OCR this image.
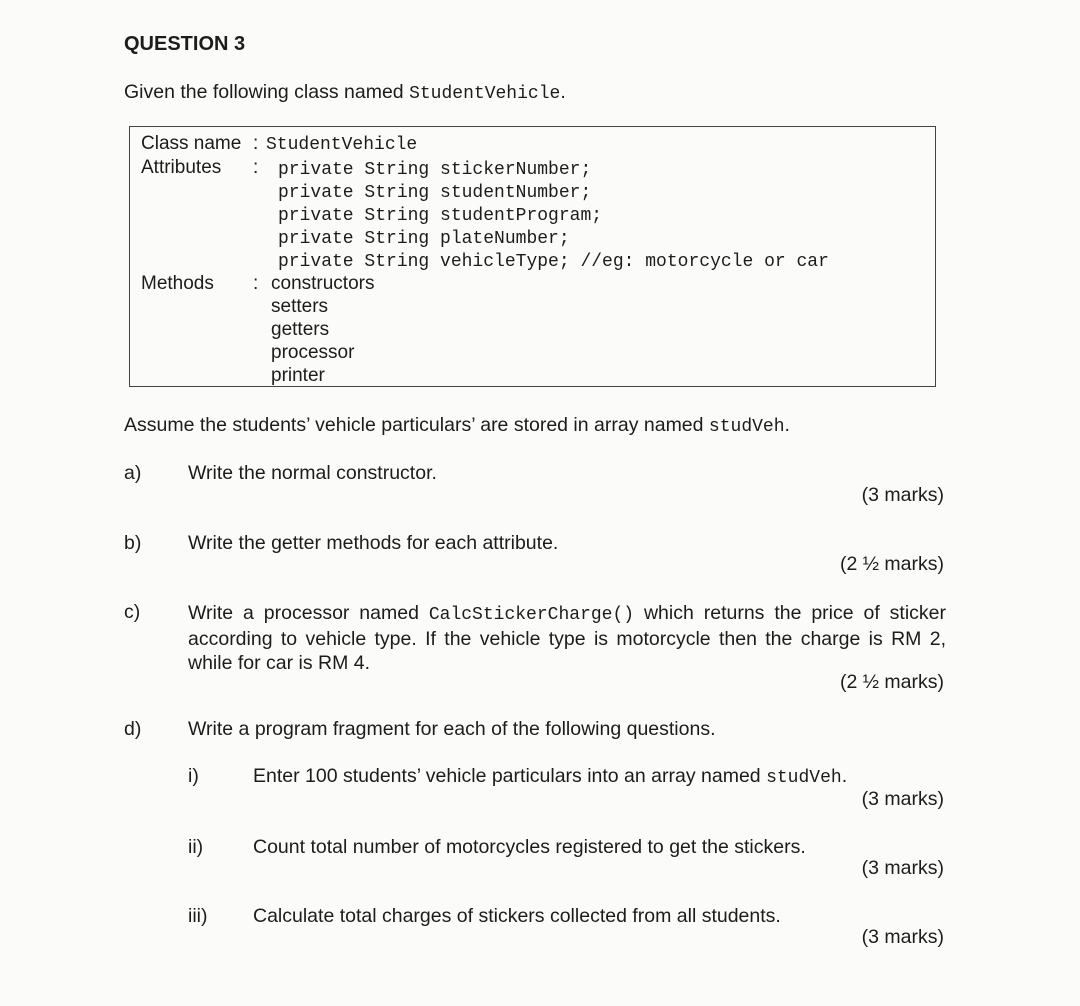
QUESTION 3
Given the following class named StudentVehicle.
Class name : StudentVehicle
Attributes : private String stickerNumber;
private String studentNumber;
private String studentProgram;
private String plateNumber;
private String vehicleType; //eg: motorcycle or car
Methods : constructors
setters
getters
processor
printer
Assume the students’ vehicle particulars’ are stored in array named studVeh.
a) Write the normal constructor.
(3 marks)
b) Write the getter methods for each attribute.
(2 ½ marks)
c) Write a processor named CalcStickerCharge() which returns the price of sticker according to vehicle type. If the vehicle type is motorcycle then the charge is RM 2, while for car is RM 4.
(2 ½ marks)
d) Write a program fragment for each of the following questions.
i)	Enter 100 students’ vehicle particulars into an array named studVeh.
(3 marks)
ii)	Count total number of motorcycles registered to get the stickers.
(3 marks)
iii) Calculate total charges of stickers collected from all students.
(3 marks)
